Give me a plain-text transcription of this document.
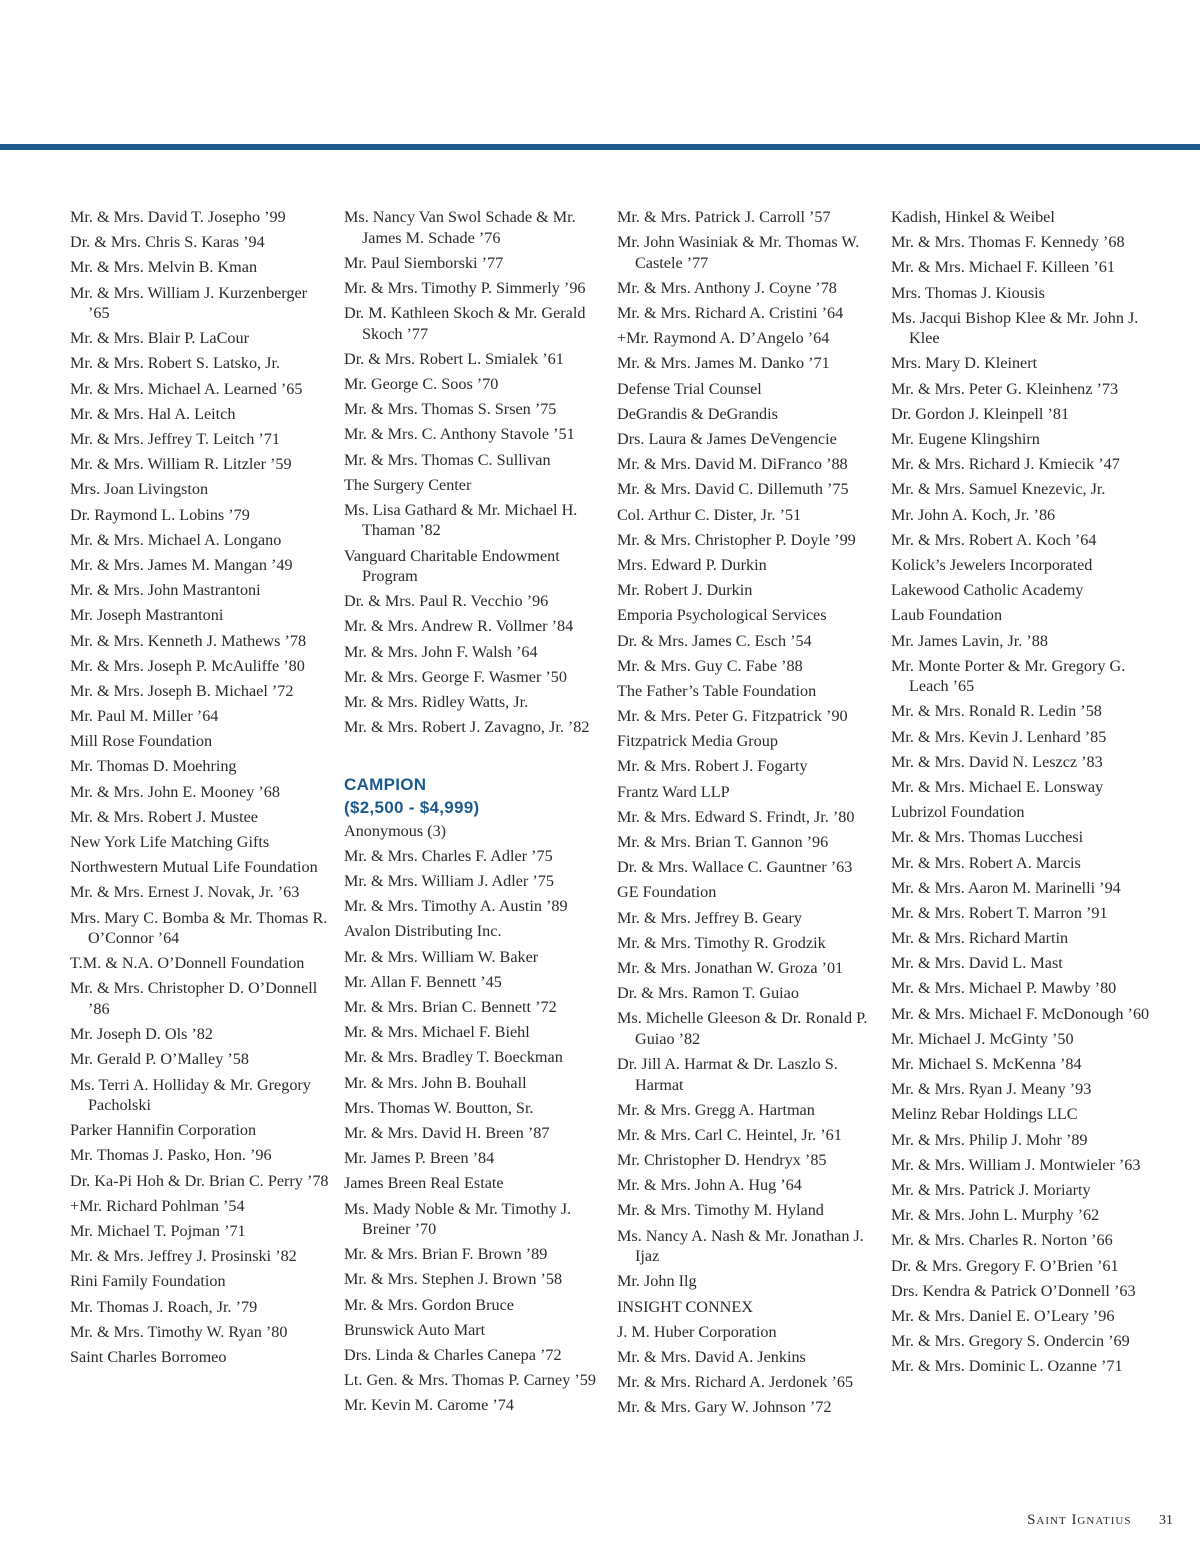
Mr. & Mrs. David T. Josepho ’99
Dr. & Mrs. Chris S. Karas ’94
Mr. & Mrs. Melvin B. Kman
Mr. & Mrs. William J. Kurzenberger ’65
Mr. & Mrs. Blair P. LaCour
Mr. & Mrs. Robert S. Latsko, Jr.
Mr. & Mrs. Michael A. Learned ’65
Mr. & Mrs. Hal A. Leitch
Mr. & Mrs. Jeffrey T. Leitch ’71
Mr. & Mrs. William R. Litzler ’59
Mrs. Joan Livingston
Dr. Raymond L. Lobins ’79
Mr. & Mrs. Michael A. Longano
Mr. & Mrs. James M. Mangan ’49
Mr. & Mrs. John Mastrantoni
Mr. Joseph Mastrantoni
Mr. & Mrs. Kenneth J. Mathews ’78
Mr. & Mrs. Joseph P. McAuliffe ’80
Mr. & Mrs. Joseph B. Michael ’72
Mr. Paul M. Miller ’64
Mill Rose Foundation
Mr. Thomas D. Moehring
Mr. & Mrs. John E. Mooney ’68
Mr. & Mrs. Robert J. Mustee
New York Life Matching Gifts
Northwestern Mutual Life Foundation
Mr. & Mrs. Ernest J. Novak, Jr. ’63
Mrs. Mary C. Bomba & Mr. Thomas R. O’Connor ’64
T.M. & N.A. O’Donnell Foundation
Mr. & Mrs. Christopher D. O’Donnell ’86
Mr. Joseph D. Ols ’82
Mr. Gerald P. O’Malley ’58
Ms. Terri A. Holliday & Mr. Gregory Pacholski
Parker Hannifin Corporation
Mr. Thomas J. Pasko, Hon. ’96
Dr. Ka-Pi Hoh & Dr. Brian C. Perry ’78
+Mr. Richard Pohlman ’54
Mr. Michael T. Pojman ’71
Mr. & Mrs. Jeffrey J. Prosinski ’82
Rini Family Foundation
Mr. Thomas J. Roach, Jr. ’79
Mr. & Mrs. Timothy W. Ryan ’80
Saint Charles Borromeo
Ms. Nancy Van Swol Schade & Mr. James M. Schade ’76
Mr. Paul Siemborski ’77
Mr. & Mrs. Timothy P. Simmerly ’96
Dr. M. Kathleen Skoch & Mr. Gerald Skoch ’77
Dr. & Mrs. Robert L. Smialek ’61
Mr. George C. Soos ’70
Mr. & Mrs. Thomas S. Srsen ’75
Mr. & Mrs. C. Anthony Stavole ’51
Mr. & Mrs. Thomas C. Sullivan
The Surgery Center
Ms. Lisa Gathard & Mr. Michael H. Thaman ’82
Vanguard Charitable Endowment Program
Dr. & Mrs. Paul R. Vecchio ’96
Mr. & Mrs. Andrew R. Vollmer ’84
Mr. & Mrs. John F. Walsh ’64
Mr. & Mrs. George F. Wasmer ’50
Mr. & Mrs. Ridley Watts, Jr.
Mr. & Mrs. Robert J. Zavagno, Jr. ’82
CAMPION
($2,500 - $4,999)
Anonymous (3)
Mr. & Mrs. Charles F. Adler ’75
Mr. & Mrs. William J. Adler ’75
Mr. & Mrs. Timothy A. Austin ’89
Avalon Distributing Inc.
Mr. & Mrs. William W. Baker
Mr. Allan F. Bennett ’45
Mr. & Mrs. Brian C. Bennett ’72
Mr. & Mrs. Michael F. Biehl
Mr. & Mrs. Bradley T. Boeckman
Mr. & Mrs. John B. Bouhall
Mrs. Thomas W. Boutton, Sr.
Mr. & Mrs. David H. Breen ’87
Mr. James P. Breen ’84
James Breen Real Estate
Ms. Mady Noble & Mr. Timothy J. Breiner ’70
Mr. & Mrs. Brian F. Brown ’89
Mr. & Mrs. Stephen J. Brown ’58
Mr. & Mrs. Gordon Bruce
Brunswick Auto Mart
Drs. Linda & Charles Canepa ’72
Lt. Gen. & Mrs. Thomas P. Carney ’59
Mr. Kevin M. Carome ’74
Mr. & Mrs. Patrick J. Carroll ’57
Mr. John Wasiniak & Mr. Thomas W. Castele ’77
Mr. & Mrs. Anthony J. Coyne ’78
Mr. & Mrs. Richard A. Cristini ’64
+Mr. Raymond A. D’Angelo ’64
Mr. & Mrs. James M. Danko ’71
Defense Trial Counsel
DeGrandis & DeGrandis
Drs. Laura & James DeVengencie
Mr. & Mrs. David M. DiFranco ’88
Mr. & Mrs. David C. Dillemuth ’75
Col. Arthur C. Dister, Jr. ’51
Mr. & Mrs. Christopher P. Doyle ’99
Mrs. Edward P. Durkin
Mr. Robert J. Durkin
Emporia Psychological Services
Dr. & Mrs. James C. Esch ’54
Mr. & Mrs. Guy C. Fabe ’88
The Father’s Table Foundation
Mr. & Mrs. Peter G. Fitzpatrick ’90
Fitzpatrick Media Group
Mr. & Mrs. Robert J. Fogarty
Frantz Ward LLP
Mr. & Mrs. Edward S. Frindt, Jr. ’80
Mr. & Mrs. Brian T. Gannon ’96
Dr. & Mrs. Wallace C. Gauntner ’63
GE Foundation
Mr. & Mrs. Jeffrey B. Geary
Mr. & Mrs. Timothy R. Grodzik
Mr. & Mrs. Jonathan W. Groza ’01
Dr. & Mrs. Ramon T. Guiao
Ms. Michelle Gleeson & Dr. Ronald P. Guiao ’82
Dr. Jill A. Harmat & Dr. Laszlo S. Harmat
Mr. & Mrs. Gregg A. Hartman
Mr. & Mrs. Carl C. Heintel, Jr. ’61
Mr. Christopher D. Hendryx ’85
Mr. & Mrs. John A. Hug ’64
Mr. & Mrs. Timothy M. Hyland
Ms. Nancy A. Nash & Mr. Jonathan J. Ijaz
Mr. John Ilg
INSIGHT CONNEX
J. M. Huber Corporation
Mr. & Mrs. David A. Jenkins
Mr. & Mrs. Richard A. Jerdonek ’65
Mr. & Mrs. Gary W. Johnson ’72
Kadish, Hinkel & Weibel
Mr. & Mrs. Thomas F. Kennedy ’68
Mr. & Mrs. Michael F. Killeen ’61
Mrs. Thomas J. Kiousis
Ms. Jacqui Bishop Klee & Mr. John J. Klee
Mrs. Mary D. Kleinert
Mr. & Mrs. Peter G. Kleinhenz ’73
Dr. Gordon J. Kleinpell ’81
Mr. Eugene Klingshirn
Mr. & Mrs. Richard J. Kmiecik ’47
Mr. & Mrs. Samuel Knezevic, Jr.
Mr. John A. Koch, Jr. ’86
Mr. & Mrs. Robert A. Koch ’64
Kolick’s Jewelers Incorporated
Lakewood Catholic Academy
Laub Foundation
Mr. James Lavin, Jr. ’88
Mr. Monte Porter & Mr. Gregory G. Leach ’65
Mr. & Mrs. Ronald R. Ledin ’58
Mr. & Mrs. Kevin J. Lenhard ’85
Mr. & Mrs. David N. Leszcz ’83
Mr. & Mrs. Michael E. Lonsway
Lubrizol Foundation
Mr. & Mrs. Thomas Lucchesi
Mr. & Mrs. Robert A. Marcis
Mr. & Mrs. Aaron M. Marinelli ’94
Mr. & Mrs. Robert T. Marron ’91
Mr. & Mrs. Richard Martin
Mr. & Mrs. David L. Mast
Mr. & Mrs. Michael P. Mawby ’80
Mr. & Mrs. Michael F. McDonough ’60
Mr. Michael J. McGinty ’50
Mr. Michael S. McKenna ’84
Mr. & Mrs. Ryan J. Meany ’93
Melinz Rebar Holdings LLC
Mr. & Mrs. Philip J. Mohr ’89
Mr. & Mrs. William J. Montwieler ’63
Mr. & Mrs. Patrick J. Moriarty
Mr. & Mrs. John L. Murphy ’62
Mr. & Mrs. Charles R. Norton ’66
Dr. & Mrs. Gregory F. O’Brien ’61
Drs. Kendra & Patrick O’Donnell ’63
Mr. & Mrs. Daniel E. O’Leary ’96
Mr. & Mrs. Gregory S. Ondercin ’69
Mr. & Mrs. Dominic L. Ozanne ’71
Saint Ignatius 31
